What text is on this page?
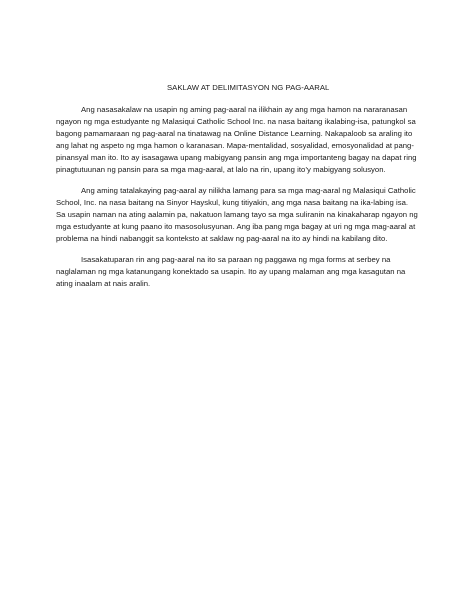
SAKLAW AT DELIMITASYON NG PAG-AARAL

Ang nasasakalaw na usapin ng aming pag-aaral na ilikhain ay ang mga hamon na nararanasan ngayon ng mga estudyante ng Malasiqui Catholic School Inc. na nasa baitang ikalabing-isa, patungkol sa bagong pamamaraan ng pag-aaral na tinatawag na Online Distance Learning. Nakapaloob sa araling ito ang lahat ng aspeto ng mga hamon o karanasan. Mapa-mentalidad, sosyalidad, emosyonalidad at pang-pinansyal man ito. Ito ay isasagawa upang mabigyang pansin ang mga importanteng bagay na dapat ring pinagtutuunan ng pansin para sa mga mag-aaral, at lalo na rin, upang ito’y mabigyang solusyon.

Ang aming tatalakaying pag-aaral ay nilikha lamang para sa mga mag-aaral ng Malasiqui Catholic School, Inc. na nasa baitang na Sinyor Hayskul, kung titiyakin, ang mga nasa baitang na ika-labing isa. Sa usapin naman na ating aalamin pa, nakatuon lamang tayo sa mga suliranin na kinakaharap ngayon ng mga estudyante at kung paano ito masosolusyunan. Ang iba pang mga bagay at uri ng mga mag-aaral at problema na hindi nabanggit sa konteksto at saklaw ng pag-aaral na ito ay hindi na kabilang dito.

Isasakatuparan rin ang pag-aaral na ito sa paraan ng paggawa ng mga forms at serbey na naglalaman ng mga katanungang konektado sa usapin. Ito ay upang malaman ang mga kasagutan na ating inaalam at nais aralin.
